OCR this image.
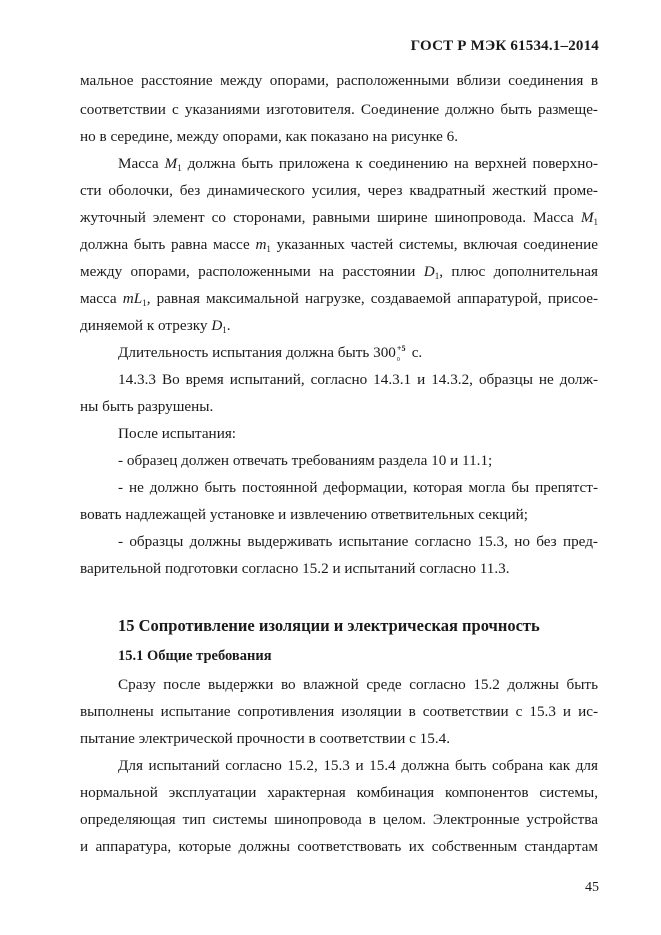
ГОСТ Р МЭК 61534.1–2014
мальное расстояние между опорами, расположенными вблизи соединения в
соответствии с указаниями изготовителя. Соединение должно быть размеще-
но в середине, между опорами, как показано на рисунке 6.
Масса $M_1$ должна быть приложена к соединению на верхней поверхно-
сти оболочки, без динамического усилия, через квадратный жесткий проме-
жуточный элемент со сторонами, равными ширине шинопровода. Масса $M_1$
должна быть равна массе $m_1$ указанных частей системы, включая соединение
между опорами, расположенными на расстоянии $D_1$, плюс дополнительная
масса $mL_1$, равная максимальной нагрузке, создаваемой аппаратурой, присое-
диняемой к отрезку $D_1$.
Длительность испытания должна быть 300 +5
0 с.
14.3.3 Во время испытаний, согласно 14.3.1 и 14.3.2, образцы не долж-
ны быть разрушены.
После испытания:
- образец должен отвечать требованиям раздела 10 и 11.1;
- не должно быть постоянной деформации, которая могла бы препятст-
вовать надлежащей установке и извлечению ответвительных секций;
- образцы должны выдерживать испытание согласно 15.3, но без пред-
варительной подготовки согласно 15.2 и испытаний согласно 11.3.
15 Сопротивление изоляции и электрическая прочность
15.1 Общие требования
Сразу после выдержки во влажной среде согласно 15.2 должны быть
выполнены испытание сопротивления изоляции в соответствии с 15.3 и ис-
пытание электрической прочности в соответствии с 15.4.
Для испытаний согласно 15.2, 15.3 и 15.4 должна быть собрана как для
нормальной эксплуатации характерная комбинация компонентов системы,
определяющая тип системы шинопровода в целом. Электронные устройства
и аппаратура, которые должны соответствовать их собственным стандартам
45
